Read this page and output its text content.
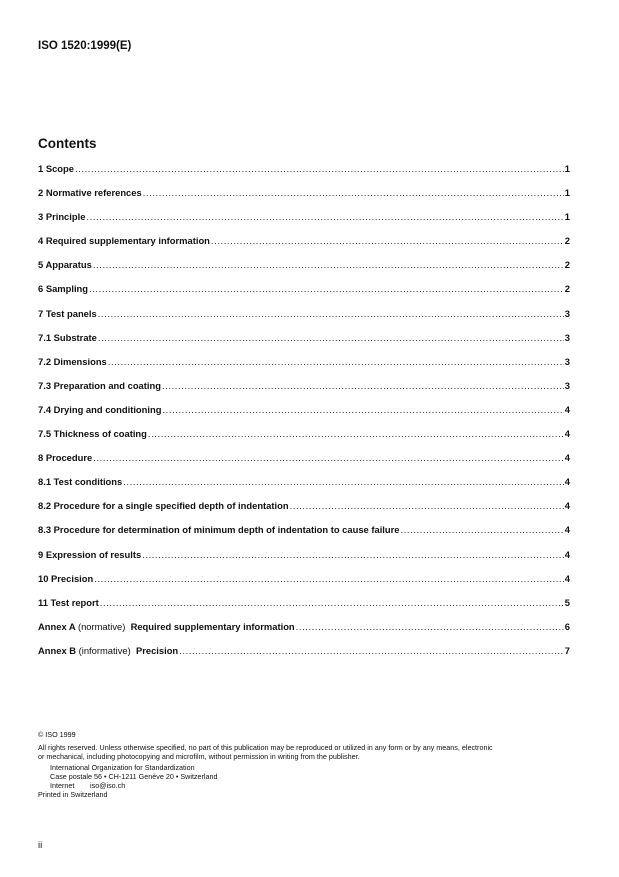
ISO 1520:1999(E)
Contents
1 Scope .....	1
2 Normative references .....	1
3 Principle .....	1
4 Required supplementary information .....	2
5 Apparatus .....	2
6 Sampling .....	2
7 Test panels .....	3
7.1 Substrate .....	3
7.2 Dimensions .....	3
7.3 Preparation and coating .....	3
7.4 Drying and conditioning .....	4
7.5 Thickness of coating .....	4
8 Procedure .....	4
8.1 Test conditions .....	4
8.2 Procedure for a single specified depth of indentation .....	4
8.3 Procedure for determination of minimum depth of indentation to cause failure .....	4
9 Expression of results .....	4
10 Precision .....	4
11 Test report .....	5
Annex A (normative) Required supplementary information .....	6
Annex B (informative) Precision .....	7
© ISO 1999
All rights reserved. Unless otherwise specified, no part of this publication may be reproduced or utilized in any form or by any means, electronic
or mechanical, including photocopying and microfilm, without permission in writing from the publisher.
International Organization for Standardization
Case postale 56 • CH-1211 Genève 20 • Switzerland
Internet iso@iso.ch
Printed in Switzerland
ii
